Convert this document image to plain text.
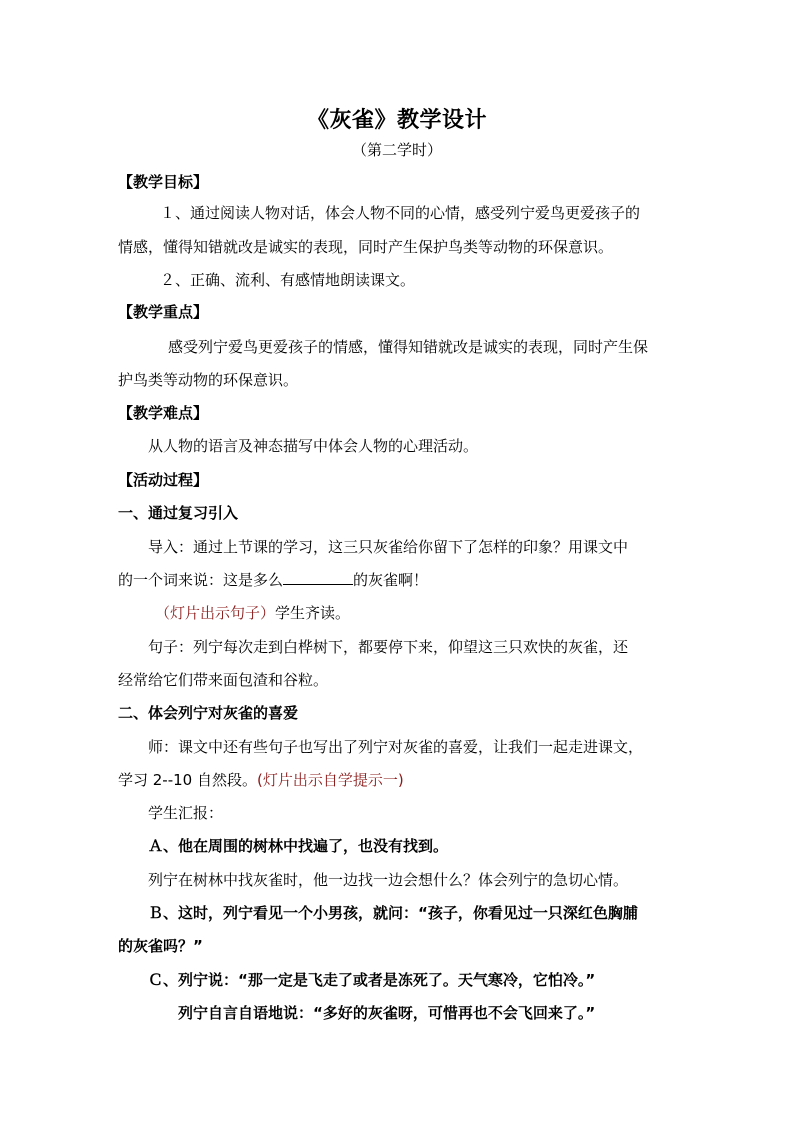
《灰雀》教学设计
（第二学时）
【教学目标】
１、通过阅读人物对话，体会人物不同的心情，感受列宁爱鸟更爱孩子的
情感，懂得知错就改是诚实的表现，同时产生保护鸟类等动物的环保意识。
２、正确、流利、有感情地朗读课文。
【教学重点】
感受列宁爱鸟更爱孩子的情感，懂得知错就改是诚实的表现，同时产生保
护鸟类等动物的环保意识。
【教学难点】
从人物的语言及神态描写中体会人物的心理活动。
【活动过程】
一、通过复习引入
导入：通过上节课的学习，这三只灰雀给你留下了怎样的印象？用课文中
的一个词来说：这是多么	的灰雀啊！
（灯片出示句子）学生齐读。
句子：列宁每次走到白桦树下，都要停下来，仰望这三只欢快的灰雀，还
经常给它们带来面包渣和谷粒。
二、体会列宁对灰雀的喜爱
师：课文中还有些句子也写出了列宁对灰雀的喜爱，让我们一起走进课文，
学习 2--10 自然段。(灯片出示自学提示一)
学生汇报：
Ａ、他在周围的树林中找遍了，也没有找到。
列宁在树林中找灰雀时，他一边找一边会想什么？体会列宁的急切心情。
Ｂ、这时，列宁看见一个小男孩，就问：“孩子，你看见过一只深红色胸脯
的灰雀吗？”
Ｃ、列宁说：“那一定是飞走了或者是冻死了。天气寒冷，它怕冷。”
列宁自言自语地说：“多好的灰雀呀，可惜再也不会飞回来了。”
